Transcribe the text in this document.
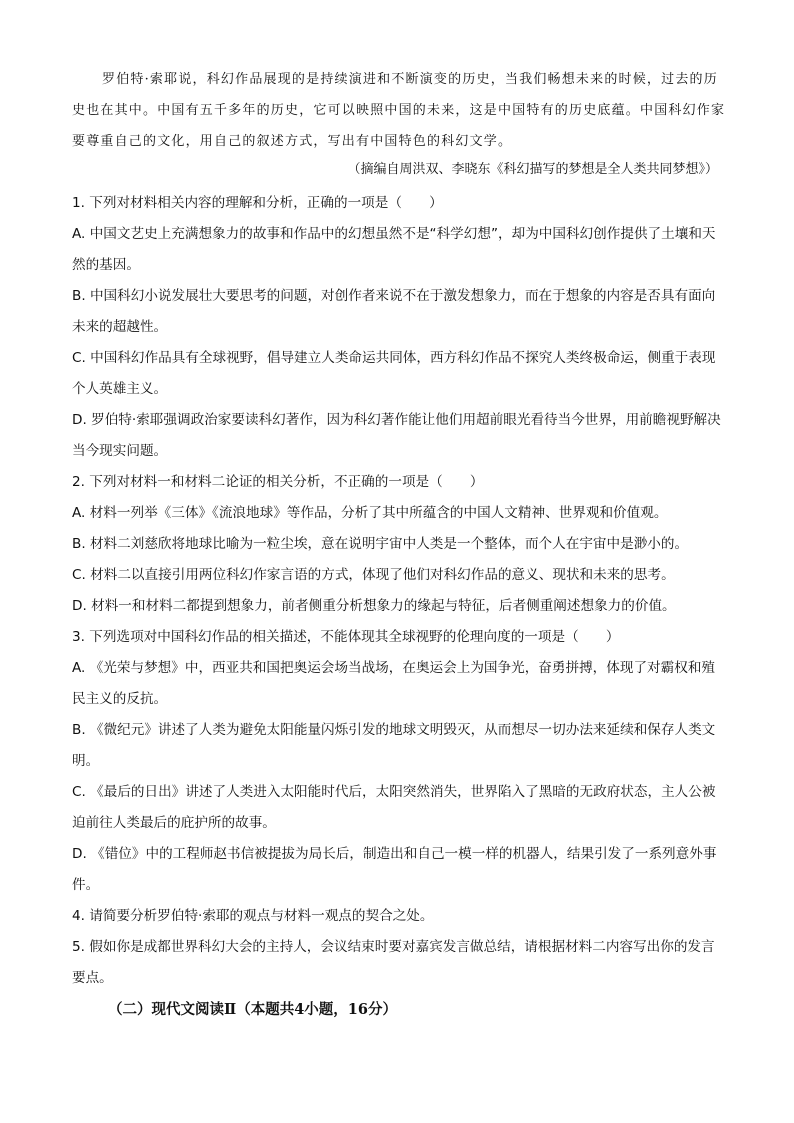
罗伯特·索耶说，科幻作品展现的是持续演进和不断演变的历史，当我们畅想未来的时候，过去的历史也在其中。中国有五千多年的历史，它可以映照中国的未来，这是中国特有的历史底蕴。中国科幻作家要尊重自己的文化，用自己的叙述方式，写出有中国特色的科幻文学。
（摘编自周洪双、李晓东《科幻描写的梦想是全人类共同梦想》）
1. 下列对材料相关内容的理解和分析，正确的一项是（　　）
A. 中国文艺史上充满想象力的故事和作品中的幻想虽然不是“科学幻想”，却为中国科幻创作提供了土壤和天然的基因。
B. 中国科幻小说发展壮大要思考的问题，对创作者来说不在于激发想象力，而在于想象的内容是否具有面向未来的超越性。
C. 中国科幻作品具有全球视野，倡导建立人类命运共同体，西方科幻作品不探究人类终极命运，侧重于表现个人英雄主义。
D. 罗伯特·索耶强调政治家要读科幻著作，因为科幻著作能让他们用超前眼光看待当今世界，用前瞻视野解决当今现实问题。
2. 下列对材料一和材料二论证的相关分析，不正确的一项是（　　）
A. 材料一列举《三体》《流浪地球》等作品，分析了其中所蕴含的中国人文精神、世界观和价值观。
B. 材料二刘慈欣将地球比喻为一粒尘埃，意在说明宇宙中人类是一个整体，而个人在宇宙中是渺小的。
C. 材料二以直接引用两位科幻作家言语的方式，体现了他们对科幻作品的意义、现状和未来的思考。
D. 材料一和材料二都提到想象力，前者侧重分析想象力的缘起与特征，后者侧重阐述想象力的价值。
3. 下列选项对中国科幻作品的相关描述，不能体现其全球视野的伦理向度的一项是（　　）
A. 《光荣与梦想》中，西亚共和国把奥运会场当战场，在奥运会上为国争光，奋勇拼搏，体现了对霸权和殖民主义的反抗。
B. 《微纪元》讲述了人类为避免太阳能量闪烁引发的地球文明毁灭，从而想尽一切办法来延续和保存人类文明。
C. 《最后的日出》讲述了人类进入太阳能时代后，太阳突然消失，世界陷入了黑暗的无政府状态，主人公被迫前往人类最后的庇护所的故事。
D. 《错位》中的工程师赵书信被提拔为局长后，制造出和自己一模一样的机器人，结果引发了一系列意外事件。
4. 请简要分析罗伯特·索耶的观点与材料一观点的契合之处。
5. 假如你是成都世界科幻大会的主持人，会议结束时要对嘉宾发言做总结，请根据材料二内容写出你的发言要点。
（二）现代文阅读Ⅱ（本题共4小题，16分）
